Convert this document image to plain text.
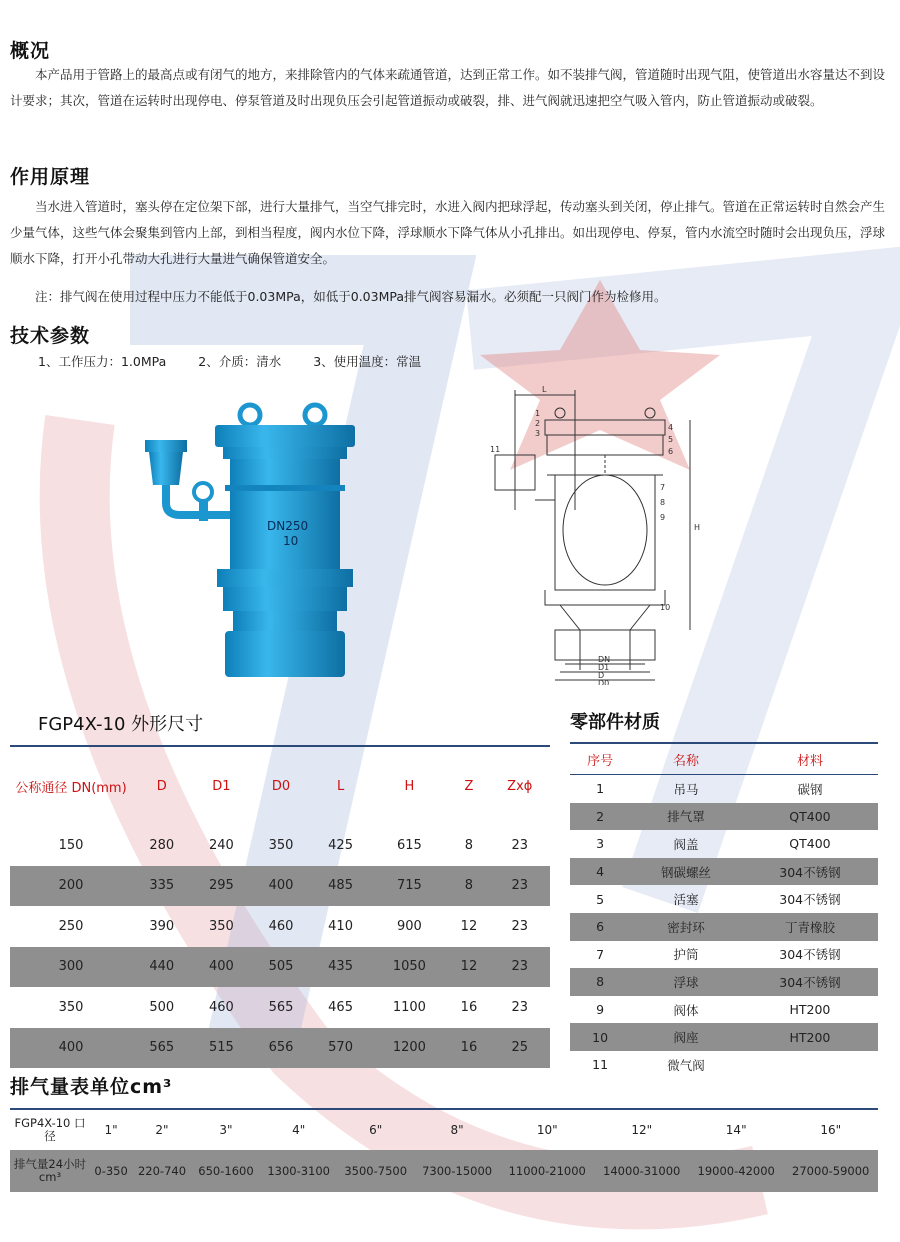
概况

本产品用于管路上的最高点或有闭气的地方，来排除管内的气体来疏通管道，达到正常工作。如不装排气阀，管道随时出现气阻，使管道出水容量达不到设计要求；其次，管道在运转时出现停电、停泵管道及时出现负压会引起管道振动或破裂，排、进气阀就迅速把空气吸入管内，防止管道振动或破裂。

作用原理

当水进入管道时，塞头停在定位架下部，进行大量排气，当空气排完时，水进入阀内把球浮起，传动塞头到关闭，停止排气。管道在正常运转时自然会产生少量气体，这些气体会聚集到管内上部，到相当程度，阀内水位下降，浮球顺水下降气体从小孔排出。如出现停电、停泵，管内水流空时随时会出现负压，浮球顺水下降，打开小孔带动大孔进行大量进气确保管道安全。

注：排气阀在使用过程中压力不能低于0.03MPa，如低于0.03MPa排气阀容易漏水。必须配一只阀门作为检修用。

技术参数
1、工作压力：1.0MPa	2、介质：清水	3、使用温度：常温
DN250
10
L
1
2
3
11
4
5
6
7
8
9
10
H
DN
D1
D
D0
FGP4X-10 外形尺寸
公称通径 DN(mm)	D	D1	D0	L	H	Z	Zxϕ
150	280	240	350	425	615	8	23
200	335	295	400	485	715	8	23
250	390	350	460	410	900	12	23
300	440	400	505	435	1050	12	23
350	500	460	565	465	1100	16	23
400	565	515	656	570	1200	16	25
零部件材质
序号	名称	材料
1	吊马	碳钢
2	排气罩	QT400
3	阀盖	QT400
4	钢碳螺丝	304不锈钢
5	活塞	304不锈钢
6	密封环	丁青橡胶
7	护筒	304不锈钢
8	浮球	304不锈钢
9	阀体	HT200
10	阀座	HT200
11	微气阀	
排气量表单位cm³
FGP4X-10 口径	1"	2"	3"	4"	6"	8"	10"	12"	14"	16"
排气量24小时 cm³	0-350	220-740	650-1600	1300-3100	3500-7500	7300-15000	11000-21000	14000-31000	19000-42000	27000-59000
